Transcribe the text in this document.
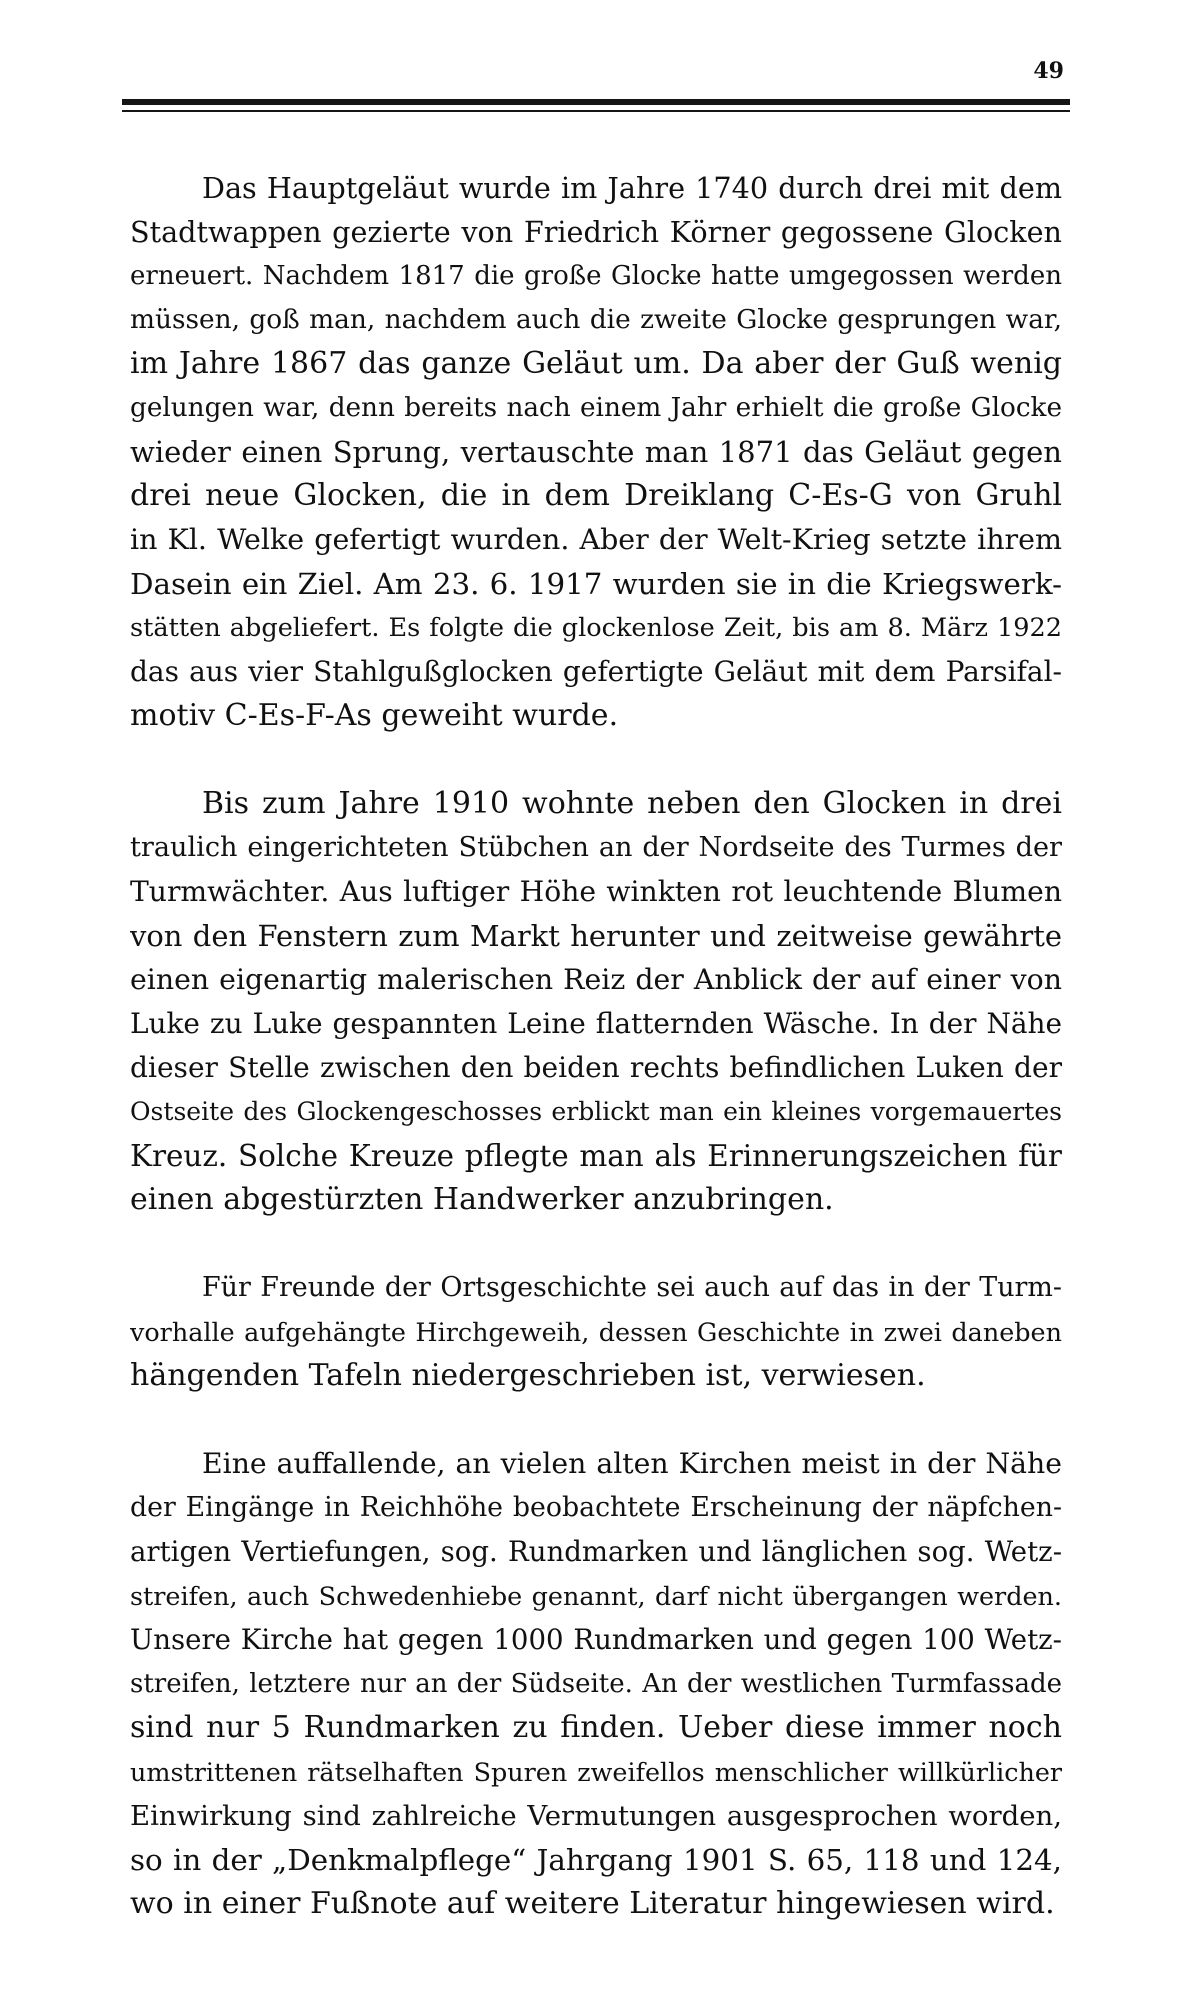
49
Das Hauptgeläut wurde im Jahre 1740 durch drei mit dem
Stadtwappen gezierte von Friedrich Körner gegossene Glocken
erneuert. Nachdem 1817 die große Glocke hatte umgegossen werden
müssen, goß man, nachdem auch die zweite Glocke gesprungen war,
im Jahre 1867 das ganze Geläut um. Da aber der Guß wenig
gelungen war, denn bereits nach einem Jahr erhielt die große Glocke
wieder einen Sprung, vertauschte man 1871 das Geläut gegen
drei neue Glocken, die in dem Dreiklang C-Es-G von Gruhl
in Kl. Welke gefertigt wurden. Aber der Welt-Krieg setzte ihrem
Dasein ein Ziel. Am 23. 6. 1917 wurden sie in die Kriegswerk-
stätten abgeliefert. Es folgte die glockenlose Zeit, bis am 8. März 1922
das aus vier Stahlgußglocken gefertigte Geläut mit dem Parsifal-
motiv C-Es-F-As geweiht wurde.
Bis zum Jahre 1910 wohnte neben den Glocken in drei
traulich eingerichteten Stübchen an der Nordseite des Turmes der
Turmwächter. Aus luftiger Höhe winkten rot leuchtende Blumen
von den Fenstern zum Markt herunter und zeitweise gewährte
einen eigenartig malerischen Reiz der Anblick der auf einer von
Luke zu Luke gespannten Leine flatternden Wäsche. In der Nähe
dieser Stelle zwischen den beiden rechts befindlichen Luken der
Ostseite des Glockengeschosses erblickt man ein kleines vorgemauertes
Kreuz. Solche Kreuze pflegte man als Erinnerungszeichen für
einen abgestürzten Handwerker anzubringen.
Für Freunde der Ortsgeschichte sei auch auf das in der Turm-
vorhalle aufgehängte Hirchgeweih, dessen Geschichte in zwei daneben
hängenden Tafeln niedergeschrieben ist, verwiesen.
Eine auffallende, an vielen alten Kirchen meist in der Nähe
der Eingänge in Reichhöhe beobachtete Erscheinung der näpfchen-
artigen Vertiefungen, sog. Rundmarken und länglichen sog. Wetz-
streifen, auch Schwedenhiebe genannt, darf nicht übergangen werden.
Unsere Kirche hat gegen 1000 Rundmarken und gegen 100 Wetz-
streifen, letztere nur an der Südseite. An der westlichen Turmfassade
sind nur 5 Rundmarken zu finden. Ueber diese immer noch
umstrittenen rätselhaften Spuren zweifellos menschlicher willkürlicher
Einwirkung sind zahlreiche Vermutungen ausgesprochen worden,
so in der „Denkmalpflege“ Jahrgang 1901 S. 65, 118 und 124,
wo in einer Fußnote auf weitere Literatur hingewiesen wird.
